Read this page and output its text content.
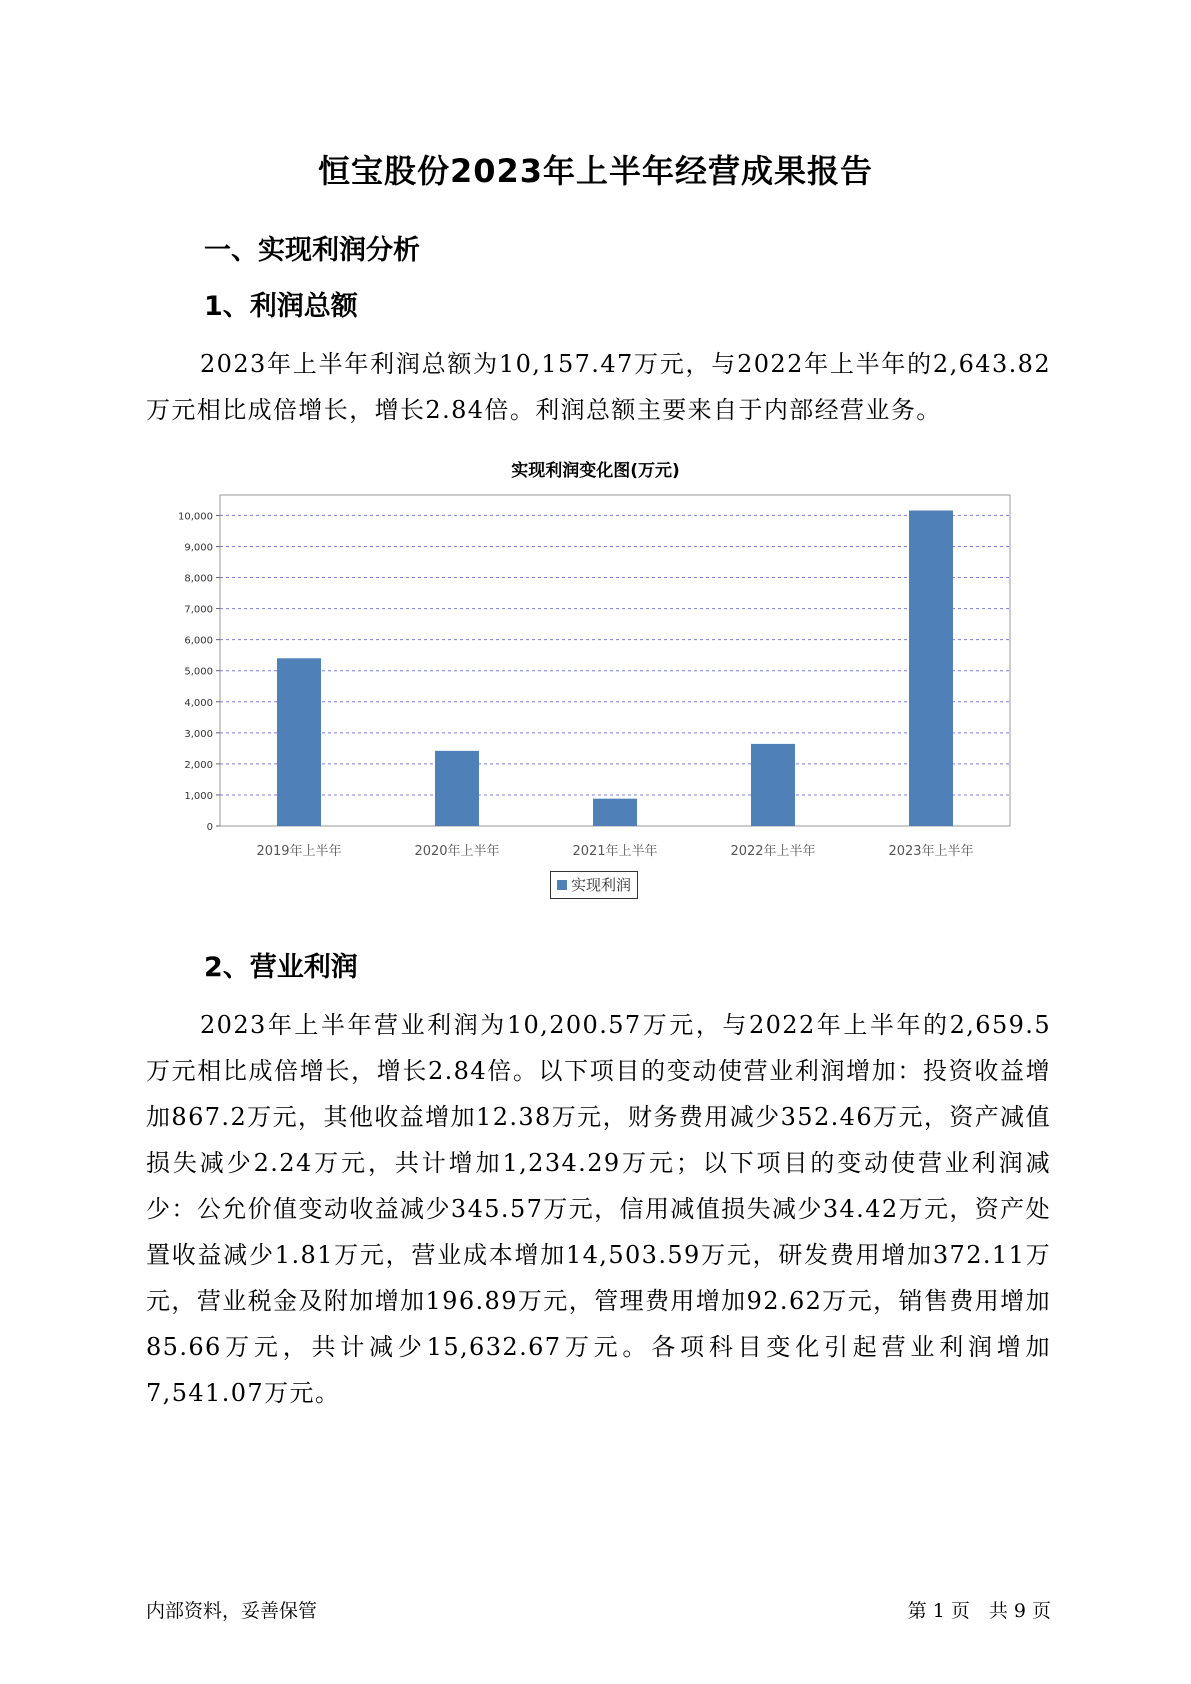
恒宝股份2023年上半年经营成果报告
一、实现利润分析
1、利润总额
2023年上半年利润总额为10,157.47万元，与2022年上半年的2,643.82万元相比成倍增长，增长2.84倍。利润总额主要来自于内部经营业务。
实现利润变化图(万元)
0
1,000
2,000
3,000
4,000
5,000
6,000
7,000
8,000
9,000
10,000
2019年上半年	2020年上半年	2021年上半年	2022年上半年	2023年上半年
实现利润
2、营业利润
2023年上半年营业利润为10,200.57万元，与2022年上半年的2,659.5万元相比成倍增长，增长2.84倍。以下项目的变动使营业利润增加：投资收益增加867.2万元，其他收益增加12.38万元，财务费用减少352.46万元，资产减值损失减少2.24万元，共计增加1,234.29万元；以下项目的变动使营业利润减少：公允价值变动收益减少345.57万元，信用减值损失减少34.42万元，资产处置收益减少1.81万元，营业成本增加14,503.59万元，研发费用增加372.11万元，营业税金及附加增加196.89万元，管理费用增加92.62万元，销售费用增加85.66万元，共计减少15,632.67万元。各项科目变化引起营业利润增加7,541.07万元。
内部资料，妥善保管	第 1 页　共 9 页
